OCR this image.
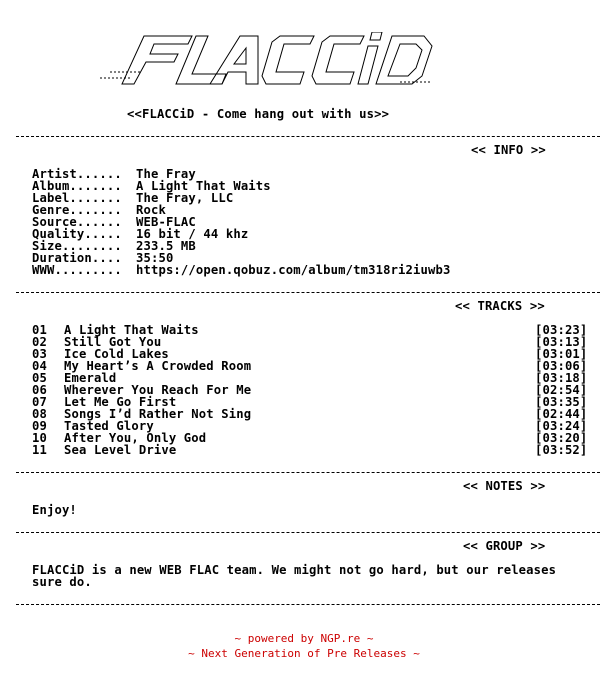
FLACCiD
<<FLACCiD - Come hang out with us>>
<< INFO >>
Artist...... The Fray
Album....... A Light That Waits
Label....... The Fray, LLC
Genre....... Rock
Source...... WEB-FLAC
Quality..... 16 bit / 44 khz
Size........ 233.5 MB
Duration.... 35:50
WWW......... https://open.qobuz.com/album/tm318ri2iuwb3
<< TRACKS >>
01 A Light That Waits	[03:23]
02 Still Got You	[03:13]
03 Ice Cold Lakes	[03:01]
04 My Heart’s A Crowded Room	[03:06]
05 Emerald	[03:18]
06 Wherever You Reach For Me	[02:54]
07 Let Me Go First	[03:35]
08 Songs I’d Rather Not Sing	[02:44]
09 Tasted Glory	[03:24]
10 After You, Only God	[03:20]
11 Sea Level Drive	[03:52]
<< NOTES >>
Enjoy!
<< GROUP >>
FLACCiD is a new WEB FLAC team. We might not go hard, but our releases
sure do.
~ powered by NGP.re ~
~ Next Generation of Pre Releases ~
